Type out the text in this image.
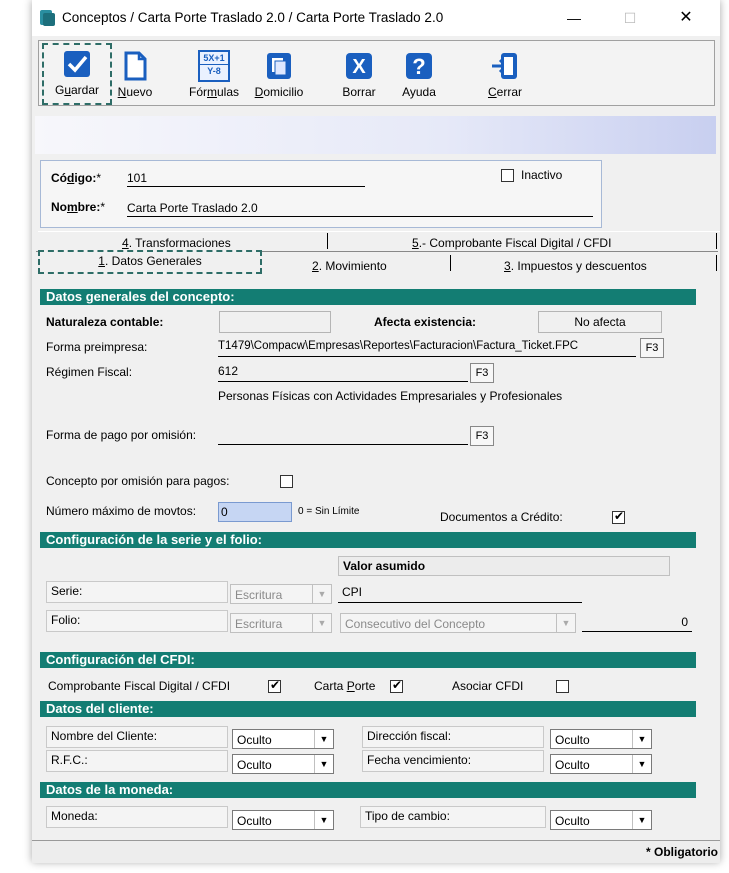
Conceptos / Carta Porte Traslado 2.0 / Carta Porte Traslado 2.0	—	☐	✕
Guardar	Nuevo
5X+1
Y-8
Fórmulas	Domicilio
X
Borrar
?
Ayuda	Cerrar
Código:* 101
Nombre:* Carta Porte Traslado 2.0
Inactivo
4. Transformaciones	5.- Comprobante Fiscal Digital / CFDI
1. Datos Generales	2. Movimiento	3. Impuestos y descuentos
Datos generales del concepto:
Naturaleza contable:	Afecta existencia:	No afecta
Forma preimpresa:	T1479\Compacw\Empresas\Reportes\Facturacion\Factura_Ticket.FPC	F3
Régimen Fiscal:	612	F3
Personas Físicas con Actividades Empresariales y Profesionales
Forma de pago por omisión:	F3
Concepto por omisión para pagos:
Número máximo de movtos: 0	0 = Sin Límite	Documentos a Crédito:
✔
Configuración de la serie y el folio:
Valor asumido
Serie:	Escritura	▼	CPI
Folio:	Escritura	▼	Consecutivo del Concepto	▼	0
Configuración del CFDI:
Comprobante Fiscal Digital / CFDI ✔	Carta Porte ✔	Asociar CFDI
Datos del cliente:
Nombre del Cliente:	Oculto	▼	Dirección fiscal:	Oculto	▼
R.F.C.:	Oculto	▼	Fecha vencimiento:	Oculto	▼
Datos de la moneda:
Moneda:	Oculto	▼	Tipo de cambio:	Oculto	▼
* Obligatorio
